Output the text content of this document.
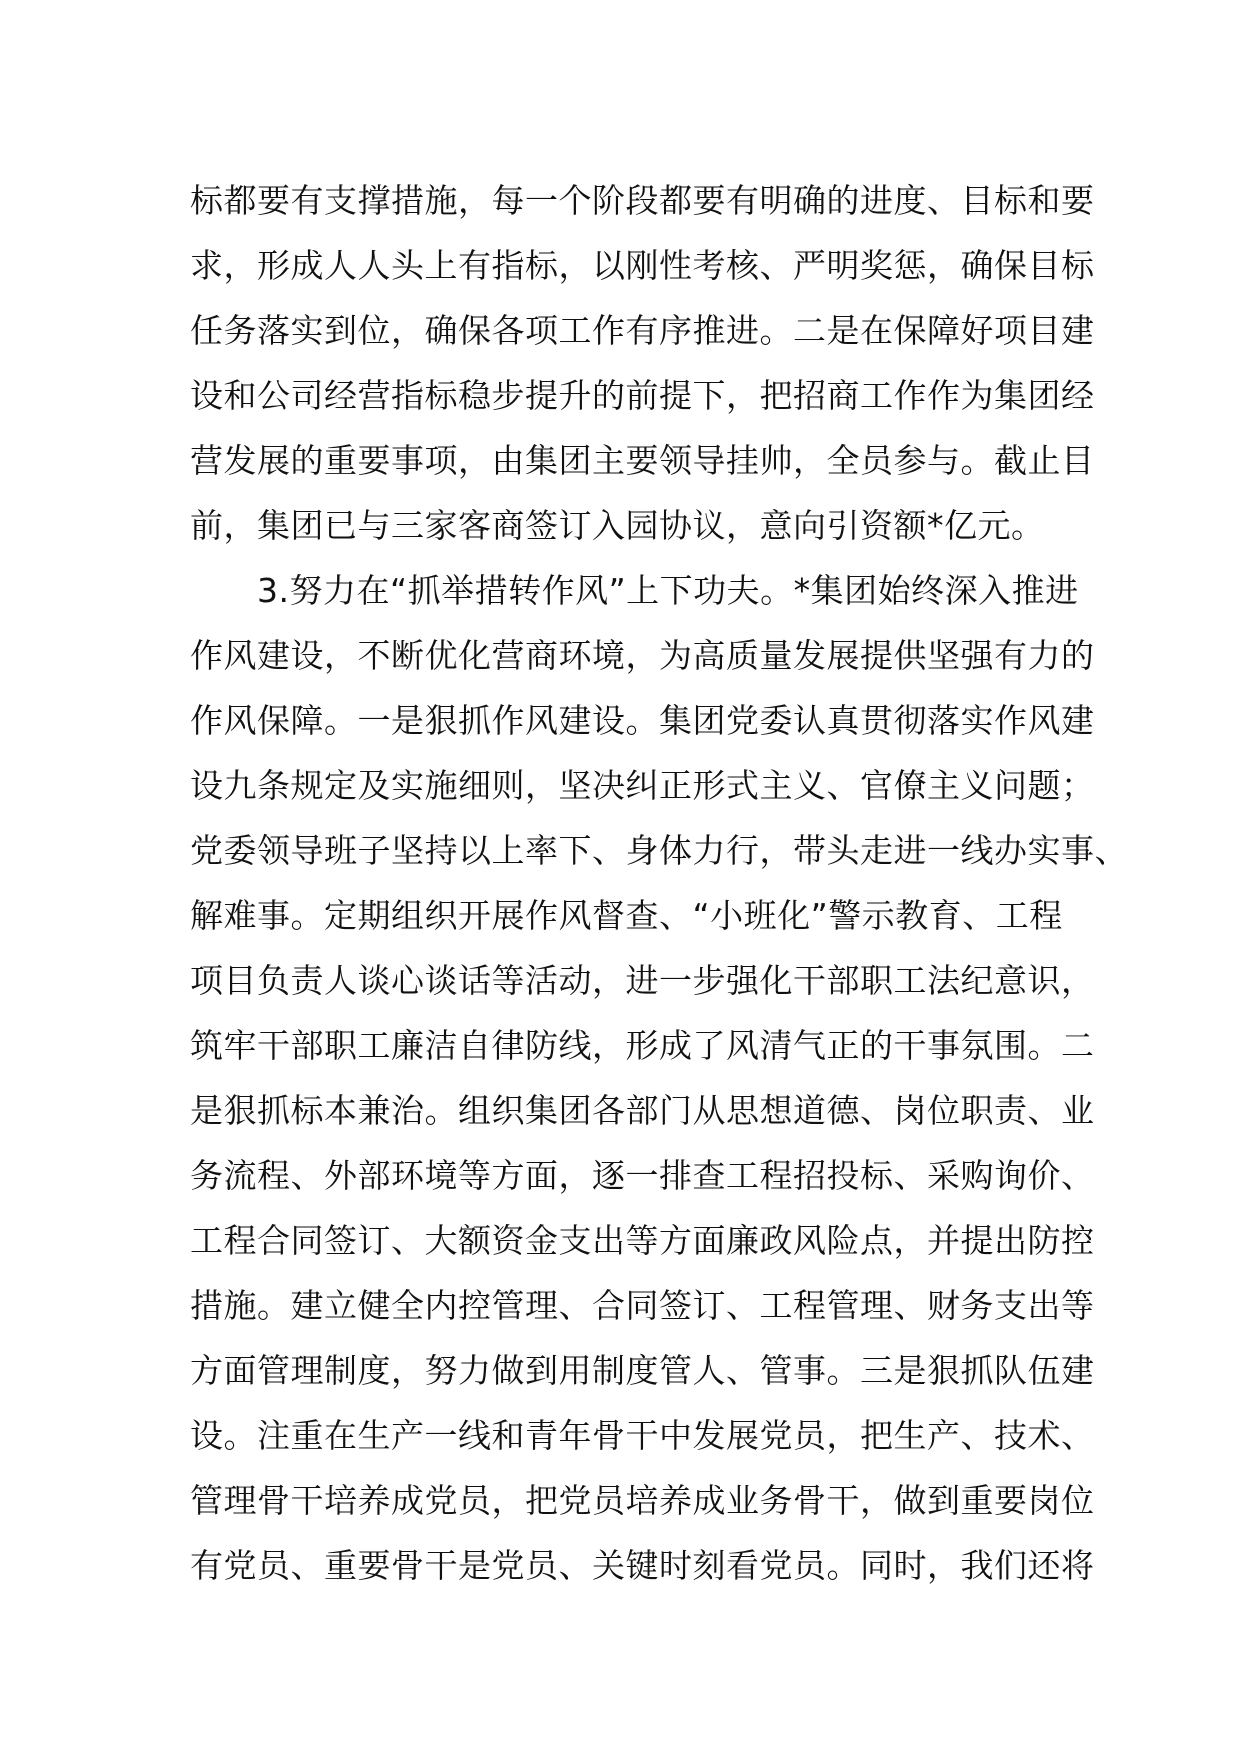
标都要有支撑措施，每一个阶段都要有明确的进度、目标和要
求，形成人人头上有指标，以刚性考核、严明奖惩，确保目标
任务落实到位，确保各项工作有序推进。二是在保障好项目建
设和公司经营指标稳步提升的前提下，把招商工作作为集团经
营发展的重要事项，由集团主要领导挂帅，全员参与。截止目
前，集团已与三家客商签订入园协议，意向引资额*亿元。
　　3.努力在“抓举措转作风”上下功夫。*集团始终深入推进
作风建设，不断优化营商环境，为高质量发展提供坚强有力的
作风保障。一是狠抓作风建设。集团党委认真贯彻落实作风建
设九条规定及实施细则，坚决纠正形式主义、官僚主义问题；
党委领导班子坚持以上率下、身体力行，带头走进一线办实事、
解难事。定期组织开展作风督查、“小班化”警示教育、工程
项目负责人谈心谈话等活动，进一步强化干部职工法纪意识，
筑牢干部职工廉洁自律防线，形成了风清气正的干事氛围。二
是狠抓标本兼治。组织集团各部门从思想道德、岗位职责、业
务流程、外部环境等方面，逐一排查工程招投标、采购询价、
工程合同签订、大额资金支出等方面廉政风险点，并提出防控
措施。建立健全内控管理、合同签订、工程管理、财务支出等
方面管理制度，努力做到用制度管人、管事。三是狠抓队伍建
设。注重在生产一线和青年骨干中发展党员，把生产、技术、
管理骨干培养成党员，把党员培养成业务骨干，做到重要岗位
有党员、重要骨干是党员、关键时刻看党员。同时，我们还将
